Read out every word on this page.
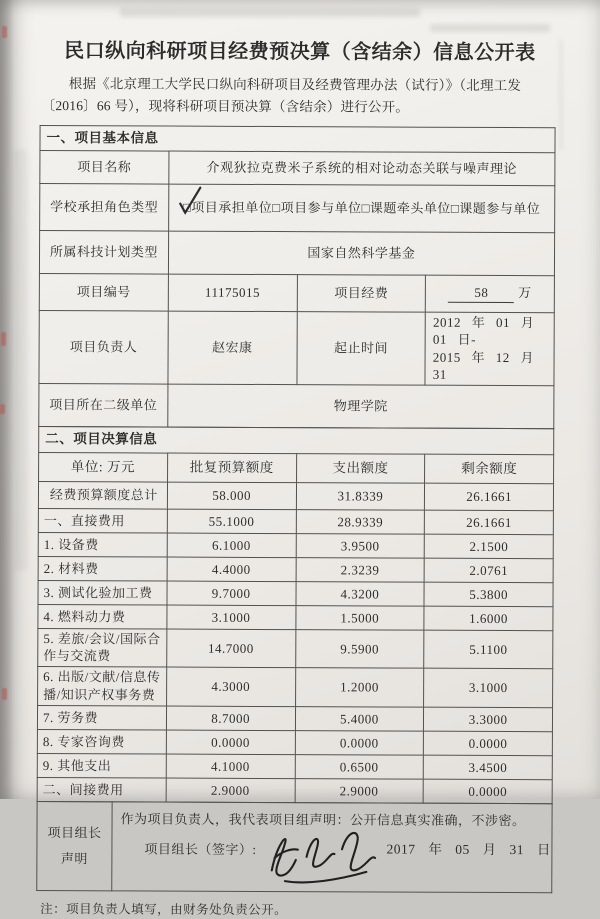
民口纵向科研项目经费预决算（含结余）信息公开表
根据《北京理工大学民口纵向科研项目及经费管理办法（试行）》（北理工发〔2016〕66 号），现将科研项目预决算（含结余）进行公开。
一、项目基本信息			
项目名称	介观狄拉克费米子系统的相对论动态关联与噪声理论		
学校承担角色类型	□项目承担单位□项目参与单位□课题牵头单位□课题参与单位		
所属科技计划类型	国家自然科学基金		
项目编号	11175015	项目经费	58 万
项目负责人	赵宏康	起止时间	2012 年 01 月 01 日-
2015 年 12 月 31

项目所在二级单位	物理学院		
二、项目决算信息			
单位: 万元	批复预算额度	支出额度	剩余额度
经费预算额度总计	58.000	31.8339	26.1661
一、直接费用	55.1000	28.9339	26.1661
1. 设备费	6.1000	3.9500	2.1500
2. 材料费	4.4000	2.3239	2.0761
3. 测试化验加工费	9.7000	4.3200	5.3800
4. 燃料动力费	3.1000	1.5000	1.6000
5. 差旅/会议/国际合作与交流费	14.7000	9.5900	5.1100
6. 出版/文献/信息传播/知识产权事务费	4.3000	1.2000	3.1000
7. 劳务费	8.7000	5.4000	3.3000
8. 专家咨询费	0.0000	0.0000	0.0000
9. 其他支出	4.1000	0.6500	3.4500
二、间接费用	2.9000	2.9000	0.0000
项目组长声明	
作为项目负责人，我代表项目组声明：公开信息真实准确，不涉密。
项目组长（签字）:	2017 年 05 月 31 日
注：项目负责人填写，由财务处负责公开。
